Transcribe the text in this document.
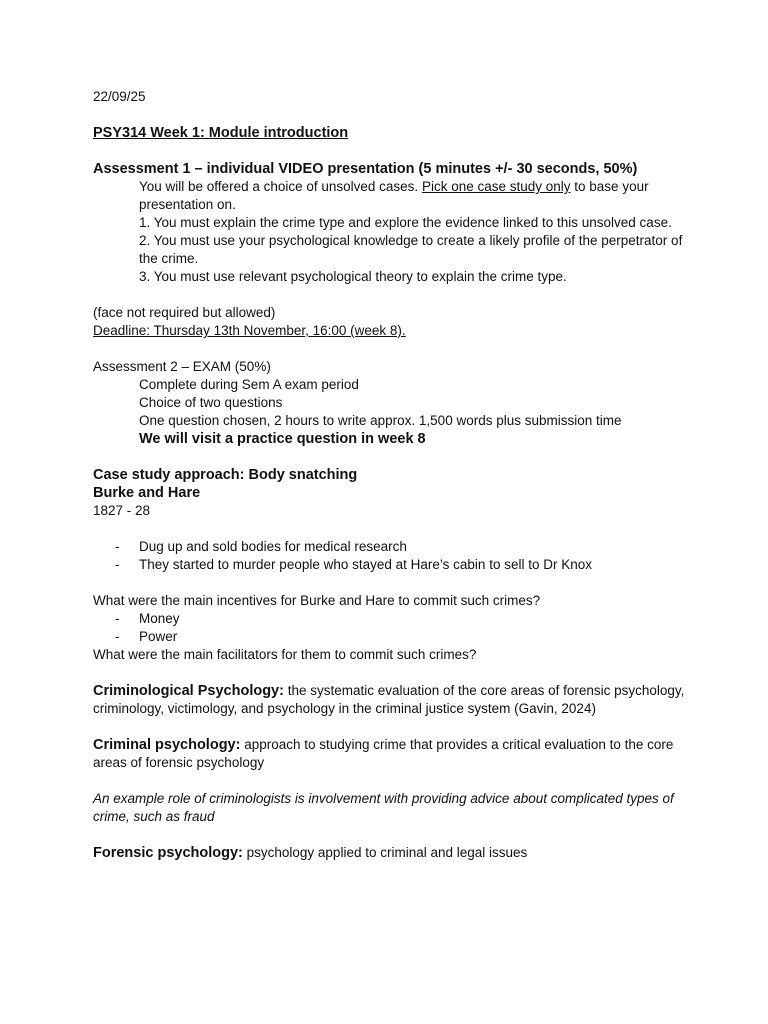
22/09/25

PSY314 Week 1: Module introduction

Assessment 1 – individual VIDEO presentation (5 minutes +/- 30 seconds, 50%)

You will be offered a choice of unsolved cases. Pick one case study only to base your presentation on.

1. You must explain the crime type and explore the evidence linked to this unsolved case.

2. You must use your psychological knowledge to create a likely profile of the perpetrator of the crime.

3. You must use relevant psychological theory to explain the crime type.

(face not required but allowed)

Deadline: Thursday 13th November, 16:00 (week 8).

Assessment 2 – EXAM (50%)

Complete during Sem A exam period

Choice of two questions

One question chosen, 2 hours to write approx. 1,500 words plus submission time

We will visit a practice question in week 8

Case study approach: Body snatching

Burke and Hare

1827 - 28

- Dug up and sold bodies for medical research
- They started to murder people who stayed at Hare’s cabin to sell to Dr Knox

What were the main incentives for Burke and Hare to commit such crimes?

- Money
- Power

What were the main facilitators for them to commit such crimes?

Criminological Psychology: the systematic evaluation of the core areas of forensic psychology, criminology, victimology, and psychology in the criminal justice system (Gavin, 2024)

Criminal psychology: approach to studying crime that provides a critical evaluation to the core areas of forensic psychology

An example role of criminologists is involvement with providing advice about complicated types of crime, such as fraud

Forensic psychology: psychology applied to criminal and legal issues
